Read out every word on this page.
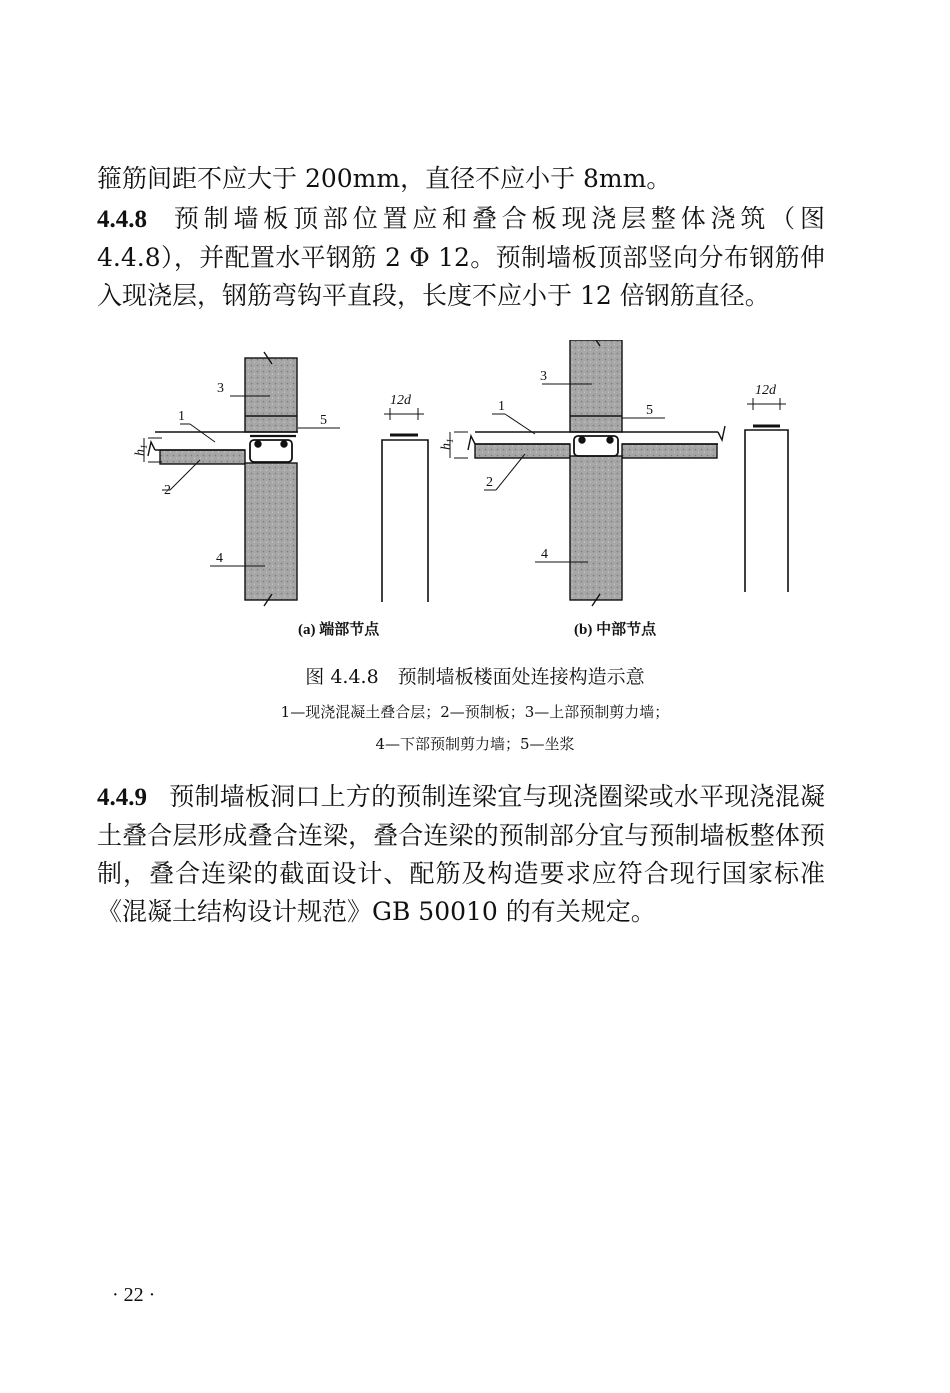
箍筋间距不应大于 200mm，直径不应小于 8mm。

4.4.8 预制墙板顶部位置应和叠合板现浇层整体浇筑（图 4.4.8），并配置水平钢筋 2 Φ 12。预制墙板顶部竖向分布钢筋伸入现浇层，钢筋弯钩平直段，长度不应小于 12 倍钢筋直径。

3
1	5
2
4
12d
$h_1$
(a) 端部节点
3
1	5
2
4
12d
$h_1$
(b) 中部节点

图 4.4.8　预制墙板楼面处连接构造示意

1—现浇混凝土叠合层；2—预制板；3—上部预制剪力墙；

4—下部预制剪力墙；5—坐浆

4.4.9 预制墙板洞口上方的预制连梁宜与现浇圈梁或水平现浇混凝土叠合层形成叠合连梁，叠合连梁的预制部分宜与预制墙板整体预制，叠合连梁的截面设计、配筋及构造要求应符合现行国家标准《混凝土结构设计规范》GB 50010 的有关规定。

· 22 ·
